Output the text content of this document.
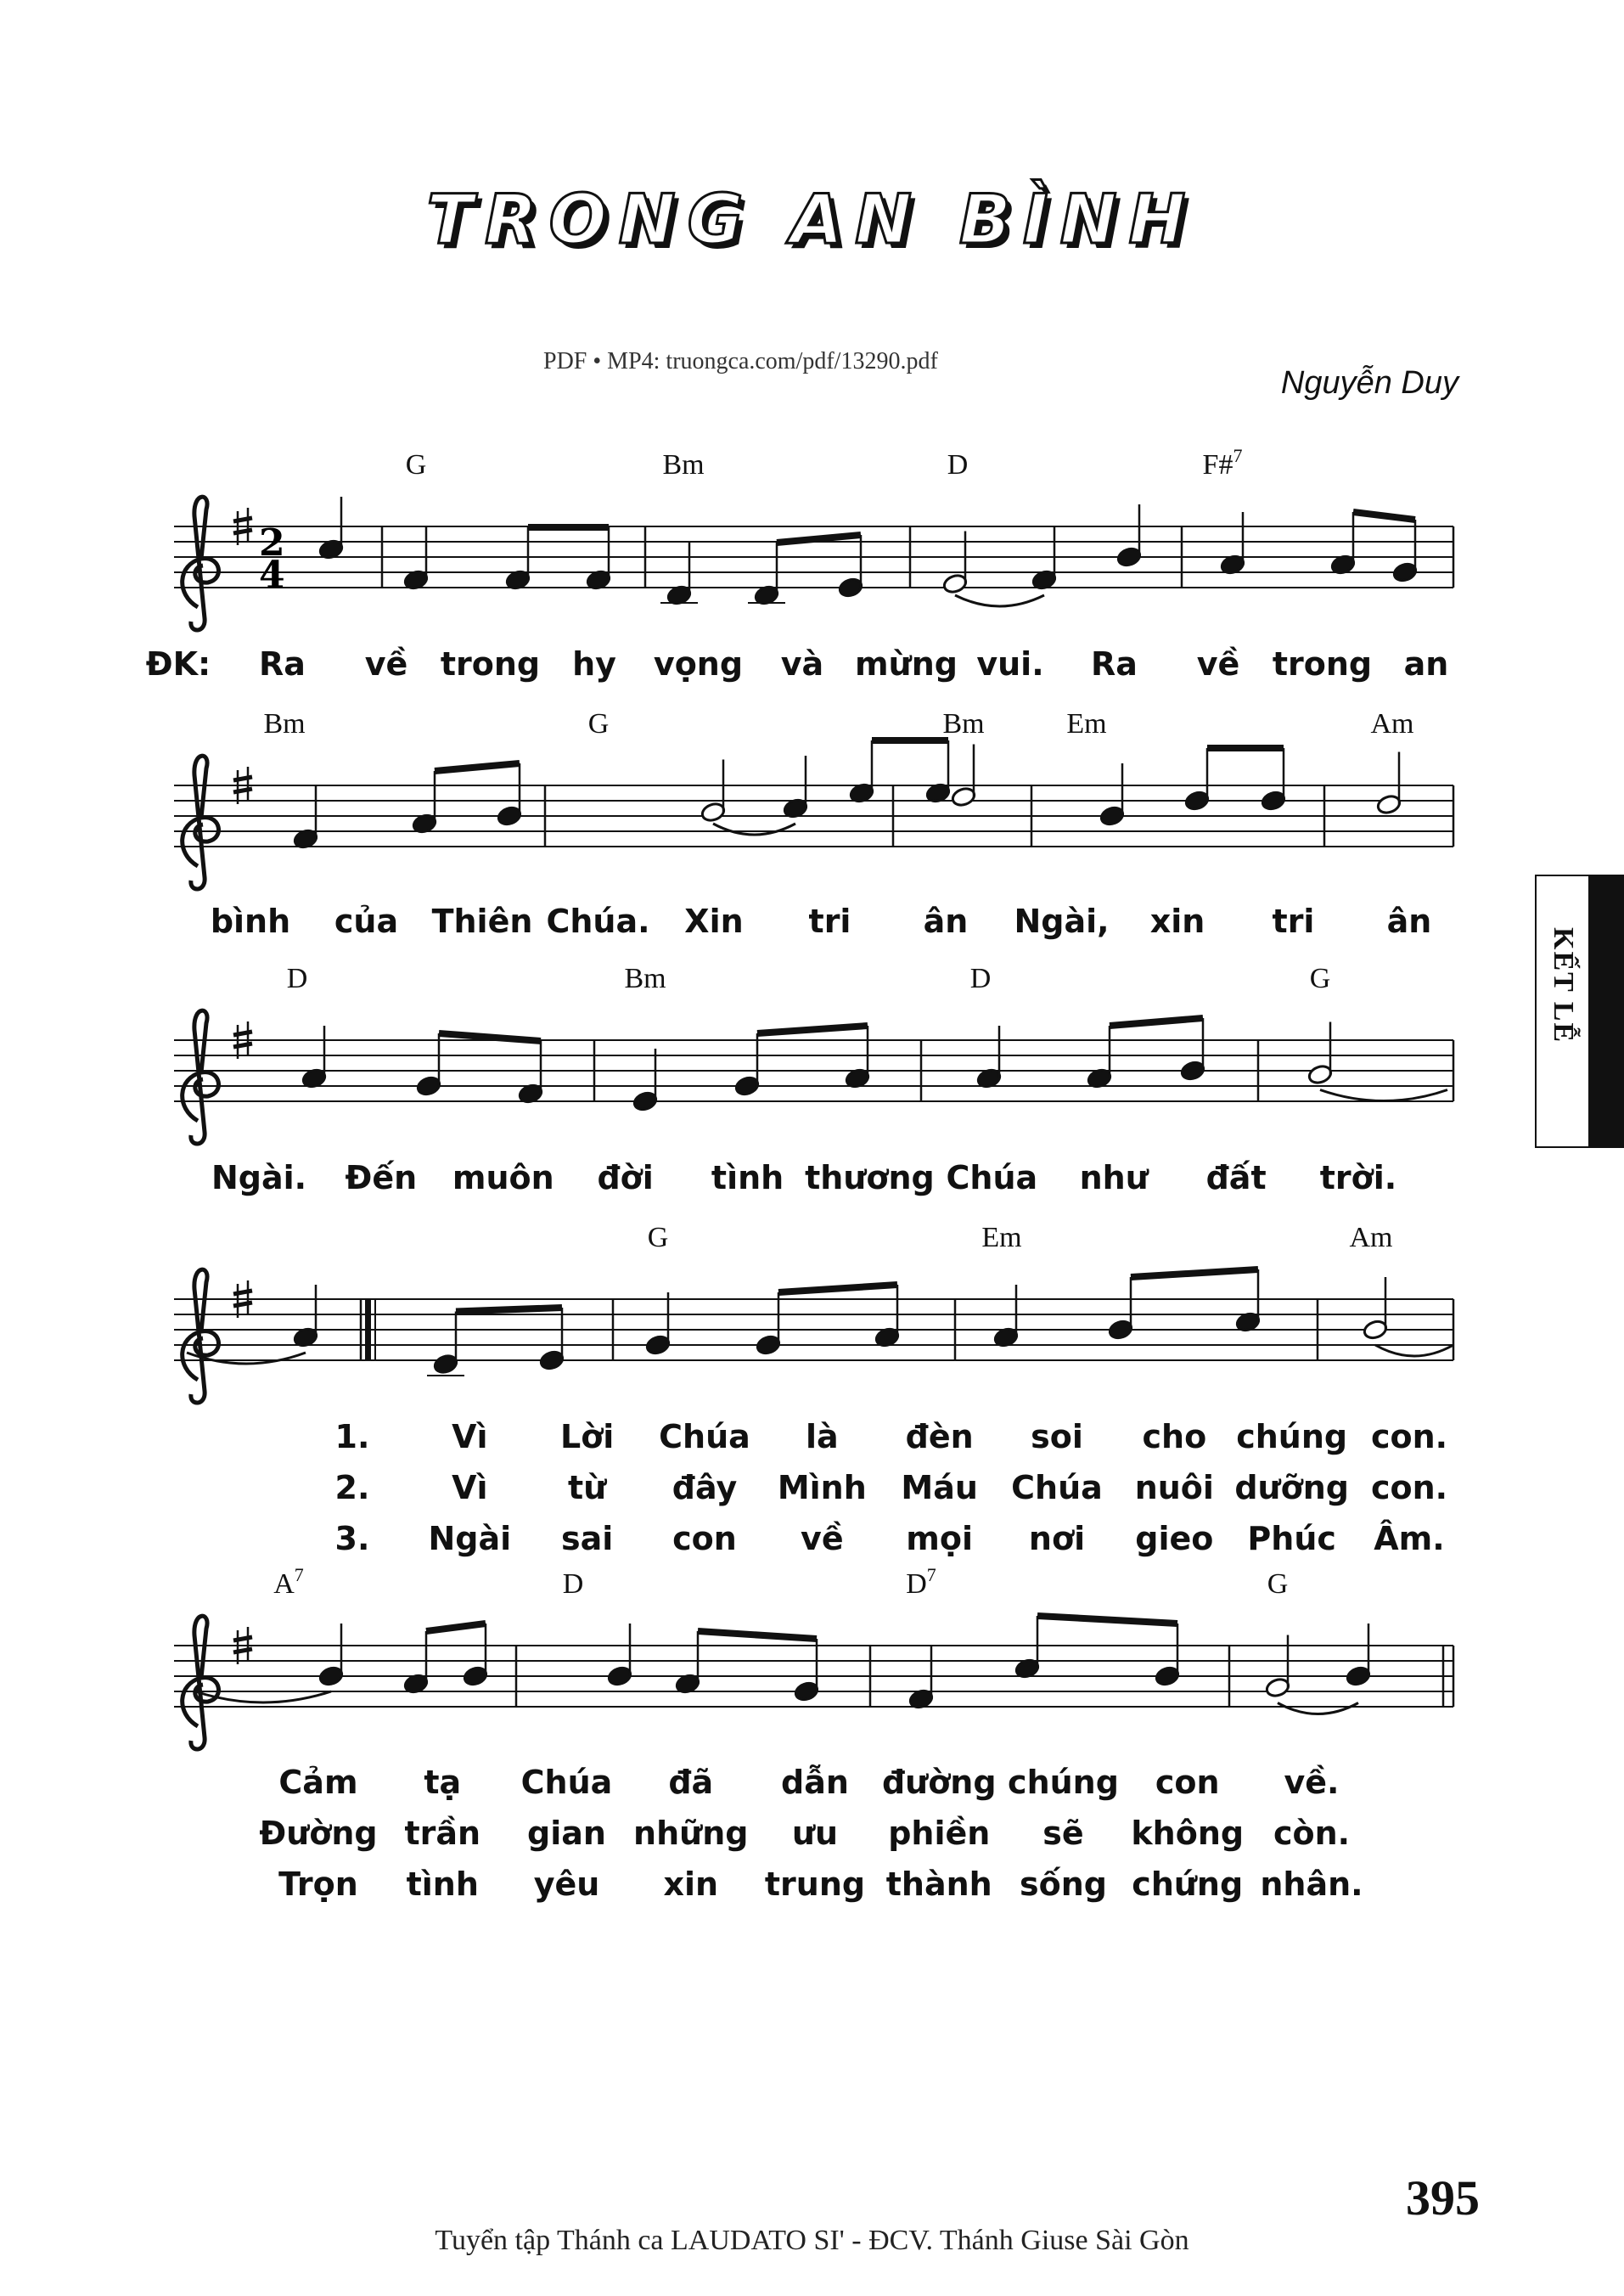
TRONG AN BÌNH
PDF • MP4: truongca.com/pdf/13290.pdf
Nguyễn Duy
2
4
G	Bm	D	F#$^7$
ĐK: Ra về trong hy vọng và mừng vui. Ra về trong an
Bm	G	Bm	Em	Am
bình của Thiên Chúa. Xin tri ân Ngài, xin tri ân
D	Bm	D	G
Ngài. Đến muôn đời tình thương Chúa như đất trời.
G	Em	Am
1.	Vì Lời Chúa là đèn soi cho chúng con.
2.	Vì từ đây Mình Máu Chúa nuôi dưỡng con.
3. Ngài sai con về mọi nơi gieo Phúc Âm.
$A^7$	D	$D^7$	G
Cảm tạ Chúa đã dẫn đường chúng con về.
Đường trần gian những ưu phiền sẽ không còn.
Trọn tình yêu xin trung thành sống chứng nhân.
KẾT LỄ
395
Tuyển tập Thánh ca LAUDATO SI' - ĐCV. Thánh Giuse Sài Gòn
